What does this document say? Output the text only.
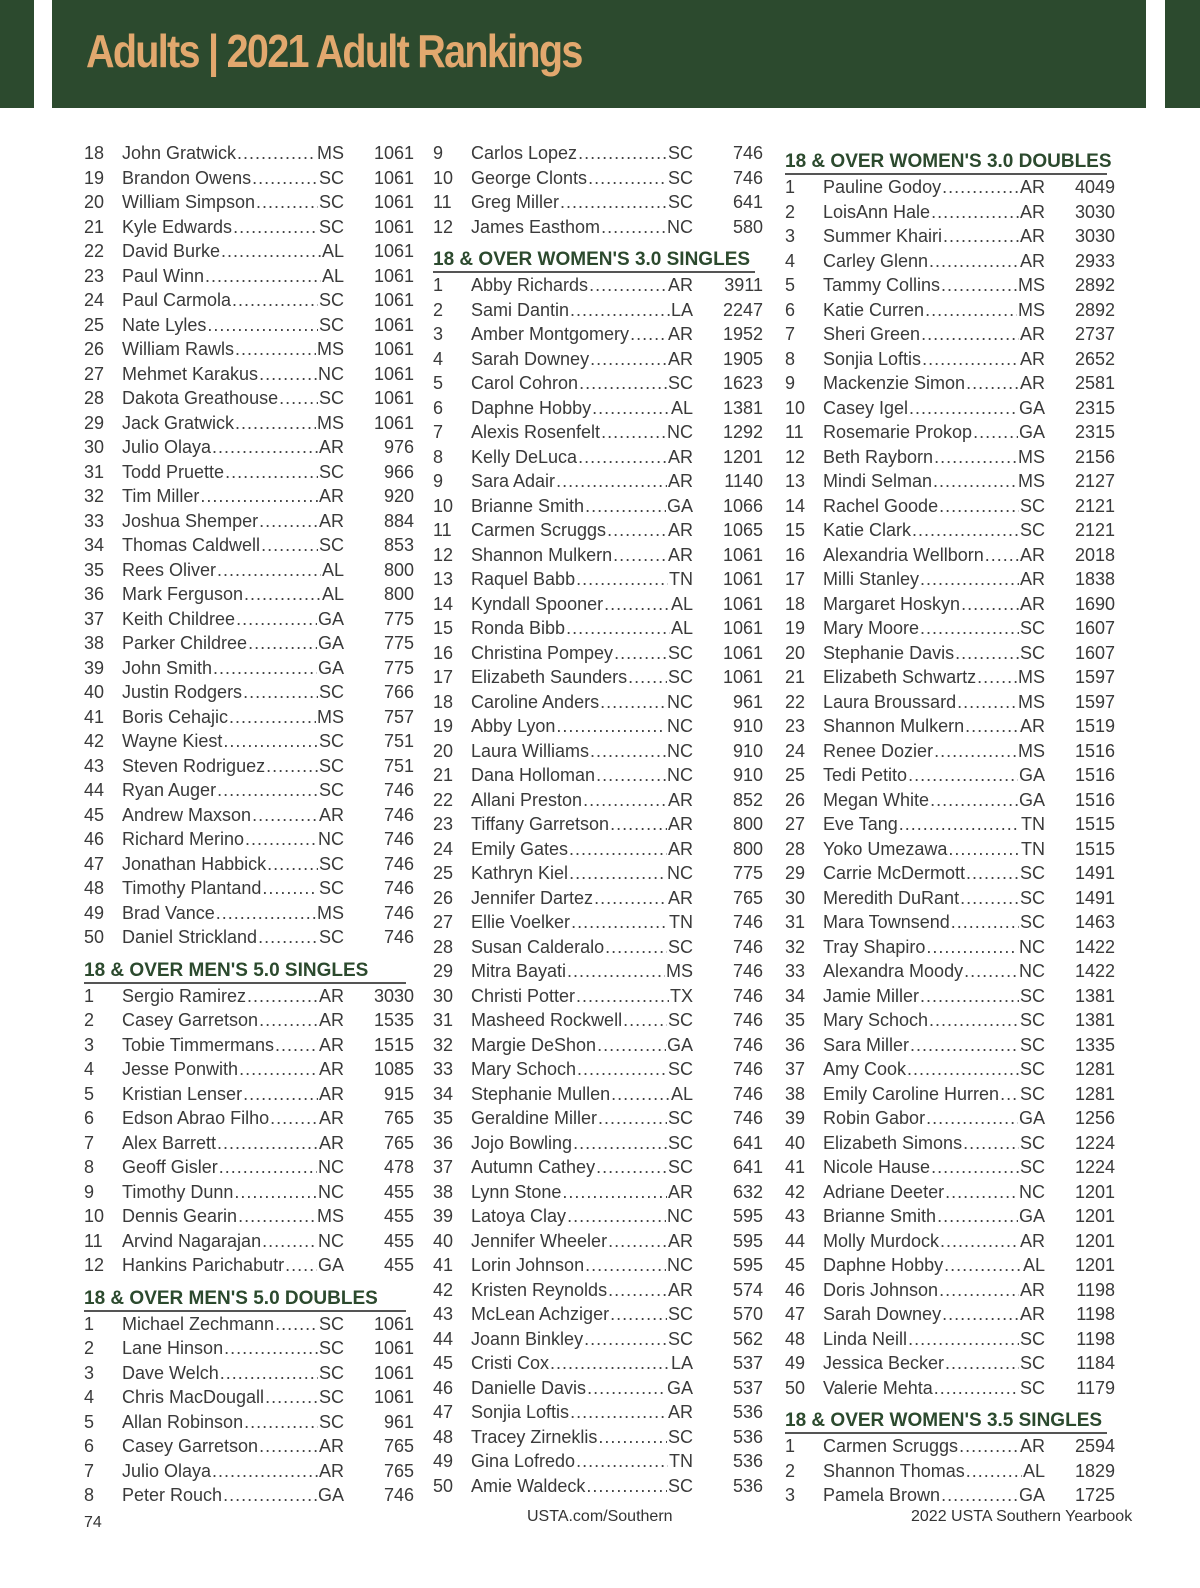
Adults | 2021 Adult Rankings
18 John Gratwick .....	MS	1061
19 Brandon Owens .....	SC	1061
20 William Simpson .....	SC	1061
21 Kyle Edwards .....	SC	1061
22 David Burke .....	AL	1061
23 Paul Winn .....	AL	1061
24 Paul Carmola .....	SC	1061
25 Nate Lyles .....	SC	1061
26 William Rawls .....	MS	1061
27 Mehmet Karakus .....	NC	1061
28 Dakota Greathouse ..... SC	1061
29 Jack Gratwick .....	MS	1061
30 Julio Olaya .....	AR	976
31 Todd Pruette .....	SC	966
32 Tim Miller .....	AR	920
33 Joshua Shemper .....	AR	884
34 Thomas Caldwell .....	SC	853
35 Rees Oliver .....	AL	800
36 Mark Ferguson .....	AL	800
37 Keith Childree .....	GA	775
38 Parker Childree .....	GA	775
39 John Smith .....	GA	775
40 Justin Rodgers .....	SC	766
41 Boris Cehajic .....	MS	757
42 Wayne Kiest .....	SC	751
43 Steven Rodriguez .....	SC	751
44 Ryan Auger .....	SC	746
45 Andrew Maxson .....	AR	746
46 Richard Merino .....	NC	746
47 Jonathan Habbick .....	SC	746
48 Timothy Plantand .....	SC	746
49 Brad Vance .....	MS	746
50 Daniel Strickland .....	SC	746
18 & OVER MEN'S 5.0 SINGLES
1	Sergio Ramirez .....	AR	3030
2	Casey Garretson .....	AR	1535
3	Tobie Timmermans ..... AR	1515
4	Jesse Ponwith .....	AR	1085
5	Kristian Lenser .....	AR	915
6	Edson Abrao Filho .....	AR	765
7	Alex Barrett .....	AR	765
8	Geoff Gisler .....	NC	478
9	Timothy Dunn .....	NC	455
10 Dennis Gearin .....	MS	455
11	Arvind Nagarajan .....	NC	455
12 Hankins Parichabutr ..... GA	455
18 & OVER MEN'S 5.0 DOUBLES
1	Michael Zechmann ..... SC	1061
2	Lane Hinson .....	SC	1061
3	Dave Welch .....	SC	1061
4	Chris MacDougall .....	SC	1061
5	Allan Robinson .....	SC	961
6	Casey Garretson .....	AR	765
7	Julio Olaya .....	AR	765
8	Peter Rouch .....	GA	746
9	Carlos Lopez .....	SC	746
10 George Clonts .....	SC	746
11	Greg Miller .....	SC	641
12 James Easthom .....	NC	580
18 & OVER WOMEN'S 3.0 SINGLES
1	Abby Richards .....	AR	3911
2	Sami Dantin .....	LA	2247
3	Amber Montgomery ..... AR	1952
4	Sarah Downey .....	AR	1905
5	Carol Cohron .....	SC	1623
6	Daphne Hobby .....	AL	1381
7	Alexis Rosenfelt .....	NC	1292
8	Kelly DeLuca .....	AR	1201
9	Sara Adair .....	AR	1140
10 Brianne Smith .....	GA	1066
11	Carmen Scruggs .....	AR	1065
12 Shannon Mulkern .....	AR	1061
13 Raquel Babb .....	TN	1061
14 Kyndall Spooner .....	AL	1061
15 Ronda Bibb .....	AL	1061
16 Christina Pompey .....	SC	1061
17 Elizabeth Saunders ..... SC	1061
18 Caroline Anders .....	NC	961
19 Abby Lyon .....	NC	910
20 Laura Williams .....	NC	910
21 Dana Holloman .....	NC	910
22 Allani Preston .....	AR	852
23 Tiffany Garretson .....	AR	800
24 Emily Gates .....	AR	800
25 Kathryn Kiel .....	NC	775
26 Jennifer Dartez .....	AR	765
27 Ellie Voelker .....	TN	746
28 Susan Calderalo .....	SC	746
29 Mitra Bayati .....	MS	746
30 Christi Potter .....	TX	746
31 Masheed Rockwell .....	SC	746
32 Margie DeShon .....	GA	746
33 Mary Schoch .....	SC	746
34 Stephanie Mullen .....	AL	746
35 Geraldine Miller .....	SC	746
36 Jojo Bowling .....	SC	641
37 Autumn Cathey .....	SC	641
38 Lynn Stone .....	AR	632
39 Latoya Clay .....	NC	595
40 Jennifer Wheeler .....	AR	595
41 Lorin Johnson .....	NC	595
42 Kristen Reynolds .....	AR	574
43 McLean Achziger .....	SC	570
44 Joann Binkley .....	SC	562
45 Cristi Cox .....	LA	537
46 Danielle Davis .....	GA	537
47 Sonjia Loftis .....	AR	536
48 Tracey Zirneklis .....	SC	536
49 Gina Lofredo .....	TN	536
50 Amie Waldeck .....	SC	536
18 & OVER WOMEN'S 3.0 DOUBLES
1	Pauline Godoy .....	AR	4049
2	LoisAnn Hale .....	AR	3030
3	Summer Khairi .....	AR	3030
4	Carley Glenn .....	AR	2933
5	Tammy Collins .....	MS	2892
6	Katie Curren .....	MS	2892
7	Sheri Green .....	AR	2737
8	Sonjia Loftis .....	AR	2652
9	Mackenzie Simon .....	AR	2581
10 Casey Igel .....	GA	2315
11	Rosemarie Prokop .....	GA	2315
12 Beth Rayborn .....	MS	2156
13 Mindi Selman .....	MS	2127
14 Rachel Goode .....	SC	2121
15 Katie Clark .....	SC	2121
16 Alexandria Wellborn ..... AR	2018
17 Milli Stanley .....	AR	1838
18 Margaret Hoskyn .....	AR	1690
19 Mary Moore .....	SC	1607
20 Stephanie Davis .....	SC	1607
21 Elizabeth Schwartz ..... MS	1597
22 Laura Broussard .....	MS	1597
23 Shannon Mulkern .....	AR	1519
24 Renee Dozier .....	MS	1516
25 Tedi Petito .....	GA	1516
26 Megan White .....	GA	1516
27 Eve Tang .....	TN	1515
28 Yoko Umezawa .....	TN	1515
29 Carrie McDermott .....	SC	1491
30 Meredith DuRant .....	SC	1491
31 Mara Townsend .....	SC	1463
32 Tray Shapiro .....	NC	1422
33 Alexandra Moody .....	NC	1422
34 Jamie Miller .....	SC	1381
35 Mary Schoch .....	SC	1381
36 Sara Miller .....	SC	1335
37 Amy Cook .....	SC	1281
38 Emily Caroline Hurren ..... SC	1281
39 Robin Gabor .....	GA	1256
40 Elizabeth Simons .....	SC	1224
41 Nicole Hause .....	SC	1224
42 Adriane Deeter .....	NC	1201
43 Brianne Smith .....	GA	1201
44 Molly Murdock .....	AR	1201
45 Daphne Hobby .....	AL	1201
46 Doris Johnson .....	AR	1198
47 Sarah Downey .....	AR	1198
48 Linda Neill .....	SC	1198
49 Jessica Becker .....	SC	1184
50 Valerie Mehta .....	SC	1179
18 & OVER WOMEN'S 3.5 SINGLES
1	Carmen Scruggs .....	AR	2594
2	Shannon Thomas .....	AL	1829
3	Pamela Brown .....	GA	1725
74	USTA.com/Southern	2022 USTA Southern Yearbook
